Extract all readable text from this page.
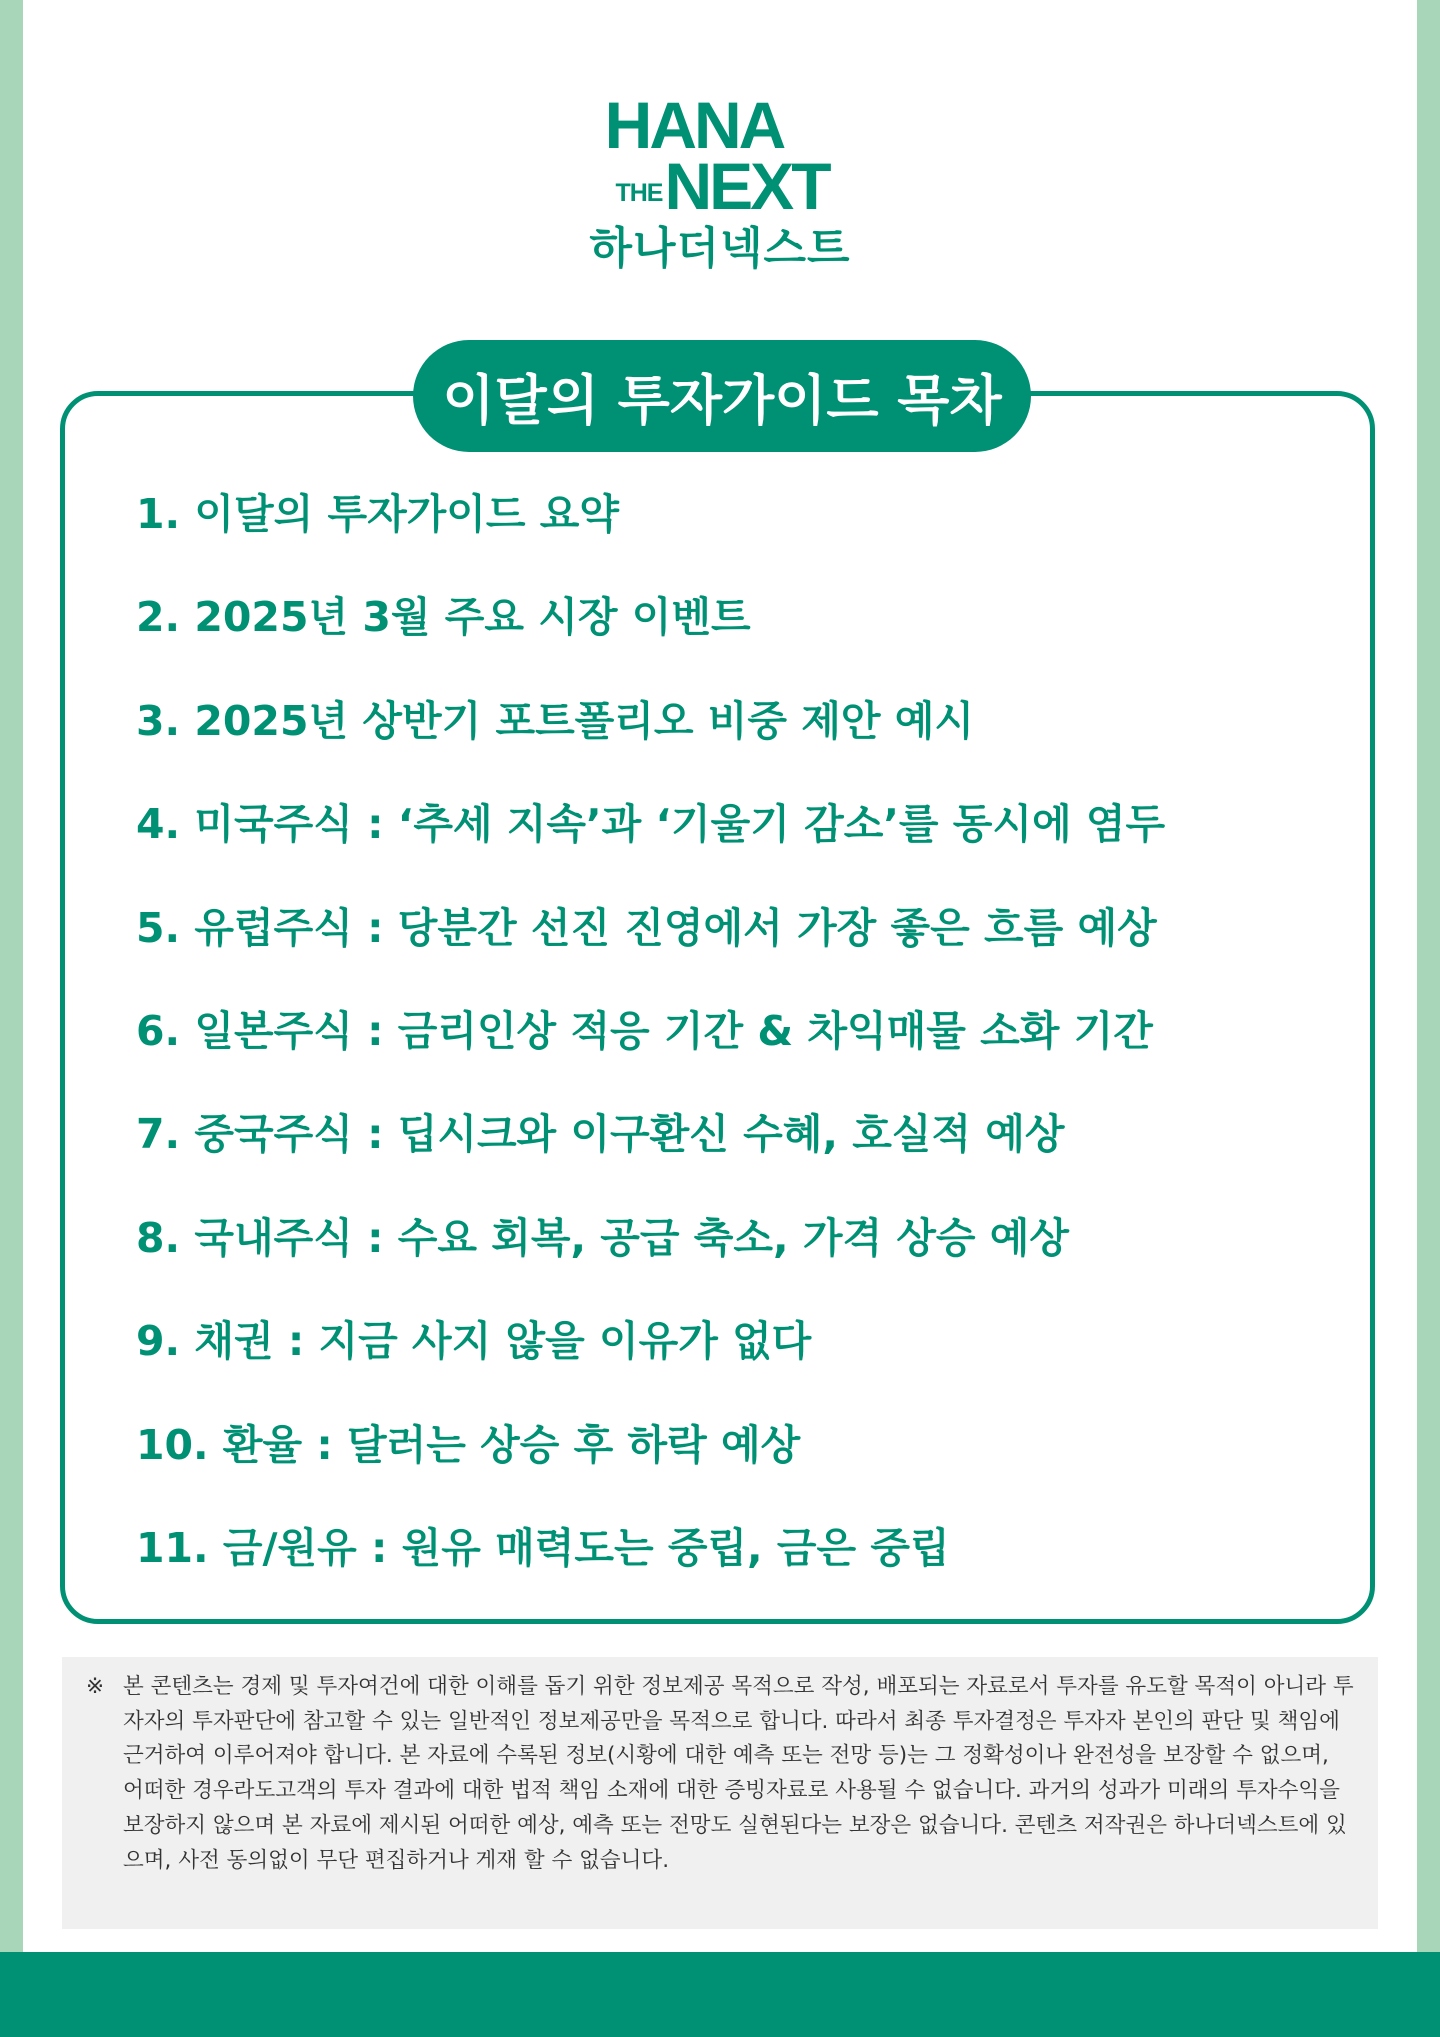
HANA
THE NEXT
하나더넥스트
이달의 투자가이드 목차
1. 이달의 투자가이드 요약
2. 2025년 3월 주요 시장 이벤트
3. 2025년 상반기 포트폴리오 비중 제안 예시
4. 미국주식 : ‘추세 지속’과 ‘기울기 감소’를 동시에 염두
5. 유럽주식 : 당분간 선진 진영에서 가장 좋은 흐름 예상
6. 일본주식 : 금리인상 적응 기간 & 차익매물 소화 기간
7. 중국주식 : 딥시크와 이구환신 수혜, 호실적 예상
8. 국내주식 : 수요 회복, 공급 축소, 가격 상승 예상
9. 채권 : 지금 사지 않을 이유가 없다
10. 환율 : 달러는 상승 후 하락 예상
11. 금/원유 : 원유 매력도는 중립, 금은 중립
※ 본 콘텐츠는 경제 및 투자여건에 대한 이해를 돕기 위한 정보제공 목적으로 작성, 배포되는 자료로서 투자를 유도할 목적이 아니라 투자자의 투자판단에 참고할 수 있는 일반적인 정보제공만을 목적으로 합니다. 따라서 최종 투자결정은 투자자 본인의 판단 및 책임에 근거하여 이루어져야 합니다. 본 자료에 수록된 정보(시황에 대한 예측 또는 전망 등)는 그 정확성이나 완전성을 보장할 수 없으며, 어떠한 경우라도고객의 투자 결과에 대한 법적 책임 소재에 대한 증빙자료로 사용될 수 없습니다. 과거의 성과가 미래의 투자수익을 보장하지 않으며 본 자료에 제시된 어떠한 예상, 예측 또는 전망도 실현된다는 보장은 없습니다. 콘텐츠 저작권은 하나더넥스트에 있으며, 사전 동의없이 무단 편집하거나 게재 할 수 없습니다.
